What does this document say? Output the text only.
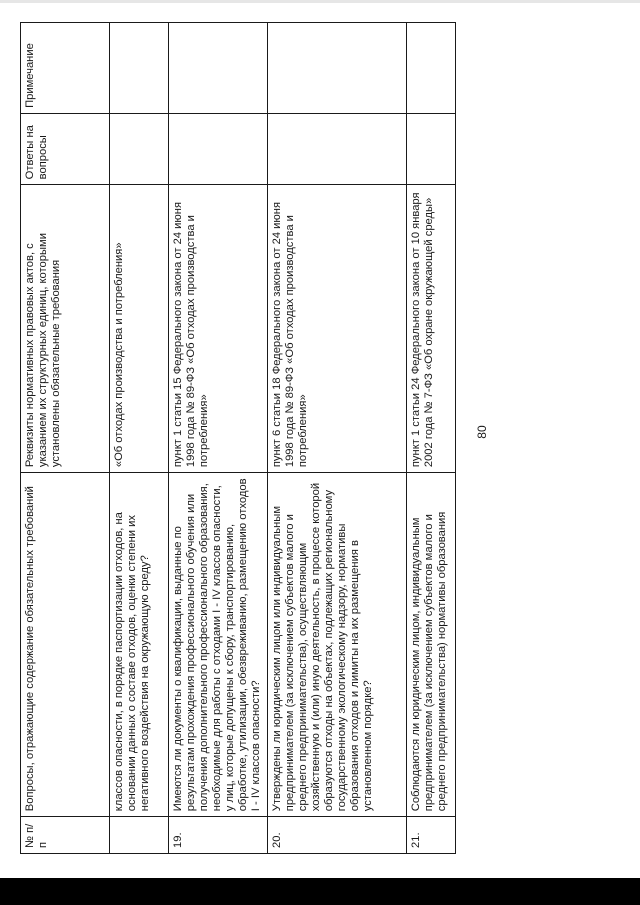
80
№ п/п	Вопросы, отражающие содержание обязательных требований	Реквизиты нормативных правовых актов, с указанием их структурных единиц, которыми установлены обязательные требования	Ответы на вопросы	Примечание
	классов опасности, в порядке паспортизации отходов, на основании данных о составе отходов, оценки степени их негативного воздействия на окружающую среду?	«Об отходах производства и потребления»		
19.	Имеются ли документы о квалификации, выданные по результатам прохождения профессионального обучения или получения дополнительного профессионального образования, необходимые для работы с отходами I - IV классов опасности, у лиц, которые допущены к сбору, транспортированию, обработке, утилизации, обезвреживанию, размещению отходов I - IV классов опасности?	пункт 1 статьи 15 Федерального закона от 24 июня 1998 года № 89-ФЗ «Об отходах производства и потребления»		
20.	Утверждены ли юридическим лицом или индивидуальным предпринимателем (за исключением субъектов малого и среднего предпринимательства), осуществляющим хозяйственную и (или) иную деятельность, в процессе которой образуются отходы на объектах, подлежащих региональному государственному экологическому надзору, нормативы образования отходов и лимиты на их размещения в установленном порядке?	пункт 6 статьи 18 Федерального закона от 24 июня 1998 года № 89-ФЗ «Об отходах производства и потребления»		
21.	Соблюдаются ли юридическим лицом, индивидуальным предпринимателем (за исключением субъектов малого и среднего предпринимательства) нормативы образования	пункт 1 статьи 24 Федерального закона от 10 января 2002 года № 7-ФЗ «Об охране окружающей среды»		
